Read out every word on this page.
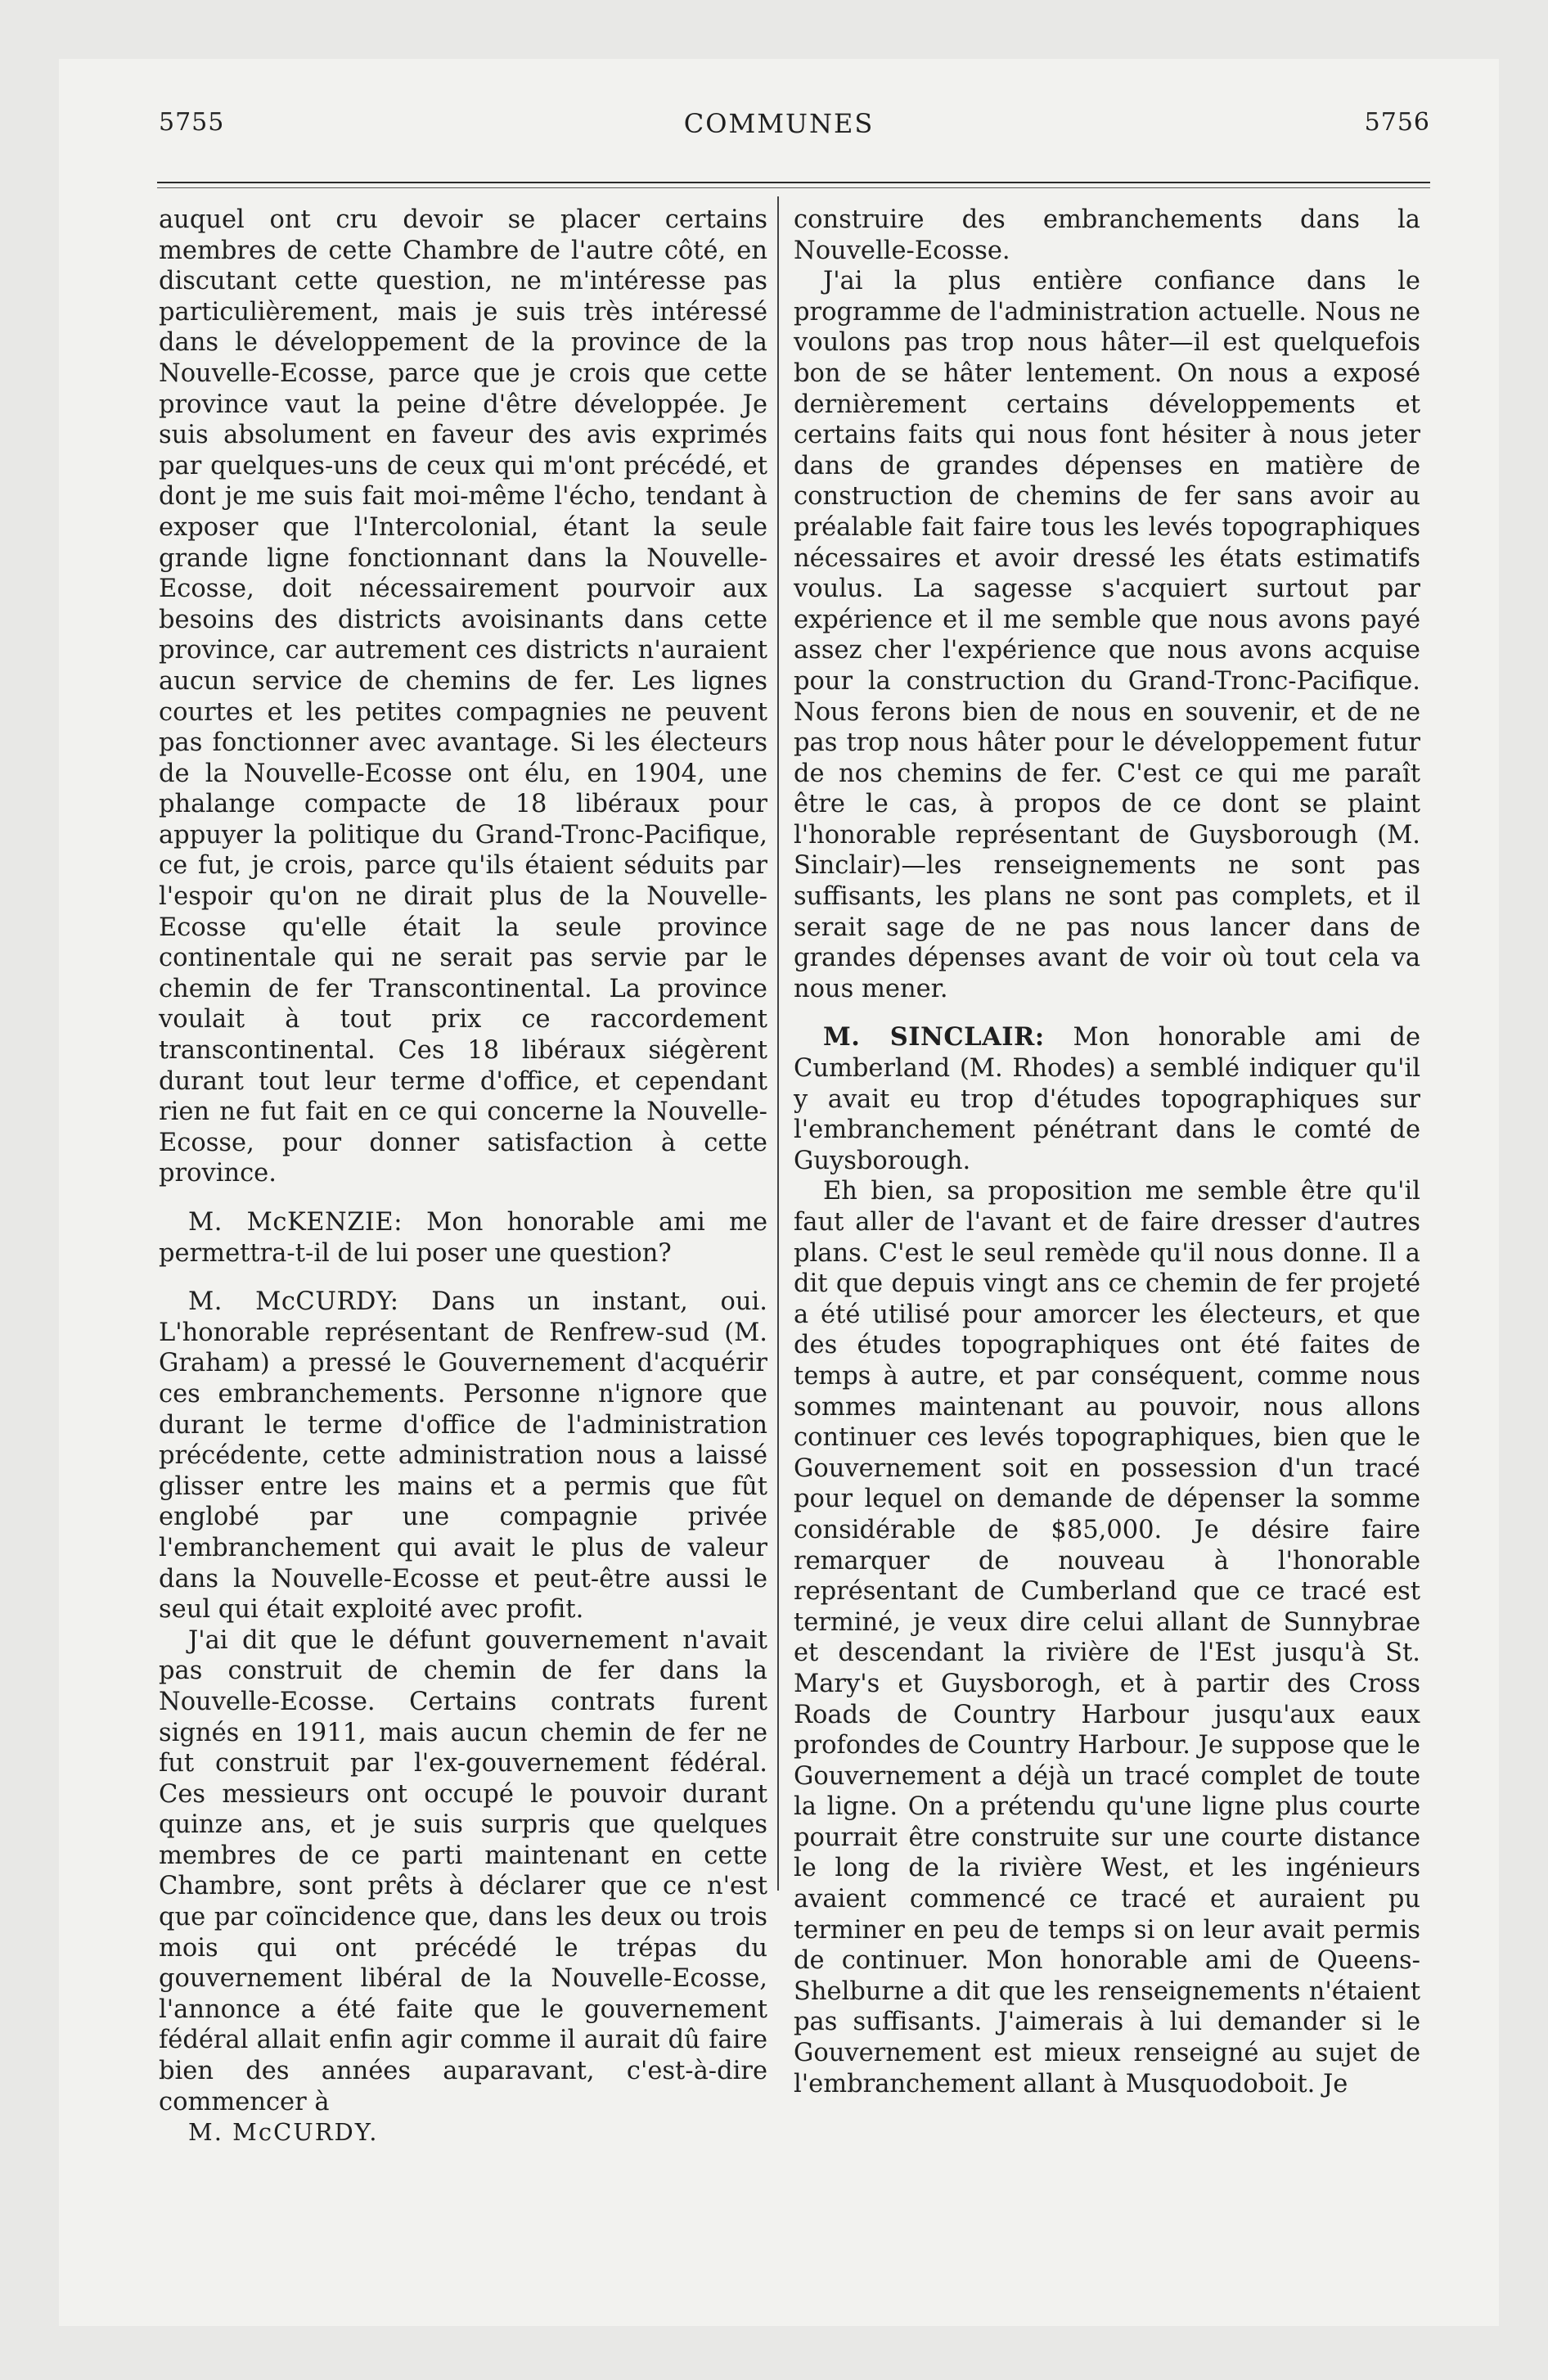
5755	COMMUNES	5756

auquel ont cru devoir se placer certains membres de cette Chambre de l'autre côté, en discutant cette question, ne m'intéresse pas particulièrement, mais je suis très intéressé dans le développement de la province de la Nouvelle-Ecosse, parce que je crois que cette province vaut la peine d'être développée. Je suis absolument en faveur des avis exprimés par quelques-uns de ceux qui m'ont précédé, et dont je me suis fait moi-même l'écho, tendant à exposer que l'Intercolonial, étant la seule grande ligne fonctionnant dans la Nouvelle-Ecosse, doit nécessairement pourvoir aux besoins des districts avoisinants dans cette province, car autrement ces districts n'auraient aucun service de chemins de fer. Les lignes courtes et les petites compagnies ne peuvent pas fonctionner avec avantage. Si les électeurs de la Nouvelle-Ecosse ont élu, en 1904, une phalange compacte de 18 libéraux pour appuyer la politique du Grand-Tronc-Pacifique, ce fut, je crois, parce qu'ils étaient séduits par l'espoir qu'on ne dirait plus de la Nouvelle-Ecosse qu'elle était la seule province continentale qui ne serait pas servie par le chemin de fer Transcontinental. La province voulait à tout prix ce raccordement transcontinental. Ces 18 libéraux siégèrent durant tout leur terme d'office, et cependant rien ne fut fait en ce qui concerne la Nouvelle-Ecosse, pour donner satisfaction à cette province.

M. McKENZIE: Mon honorable ami me permettra-t-il de lui poser une question?

M. McCURDY: Dans un instant, oui. L'honorable représentant de Renfrew-sud (M. Graham) a pressé le Gouvernement d'acquérir ces embranchements. Personne n'ignore que durant le terme d'office de l'administration précédente, cette administration nous a laissé glisser entre les mains et a permis que fût englobé par une compagnie privée l'embranchement qui avait le plus de valeur dans la Nouvelle-Ecosse et peut-être aussi le seul qui était exploité avec profit.

J'ai dit que le défunt gouvernement n'avait pas construit de chemin de fer dans la Nouvelle-Ecosse. Certains contrats furent signés en 1911, mais aucun chemin de fer ne fut construit par l'ex-gouvernement fédéral. Ces messieurs ont occupé le pouvoir durant quinze ans, et je suis surpris que quelques membres de ce parti maintenant en cette Chambre, sont prêts à déclarer que ce n'est que par coïncidence que, dans les deux ou trois mois qui ont précédé le trépas du gouvernement libéral de la Nouvelle-Ecosse, l'annonce a été faite que le gouvernement fédéral allait enfin agir comme il aurait dû faire bien des années auparavant, c'est-à-dire commencer à

M. McCURDY.

construire des embranchements dans la Nouvelle-Ecosse.

J'ai la plus entière confiance dans le programme de l'administration actuelle. Nous ne voulons pas trop nous hâter—il est quelquefois bon de se hâter lentement. On nous a exposé dernièrement certains développements et certains faits qui nous font hésiter à nous jeter dans de grandes dépenses en matière de construction de chemins de fer sans avoir au préalable fait faire tous les levés topographiques nécessaires et avoir dressé les états estimatifs voulus. La sagesse s'acquiert surtout par expérience et il me semble que nous avons payé assez cher l'expérience que nous avons acquise pour la construction du Grand-Tronc-Pacifique. Nous ferons bien de nous en souvenir, et de ne pas trop nous hâter pour le développement futur de nos chemins de fer. C'est ce qui me paraît être le cas, à propos de ce dont se plaint l'honorable représentant de Guysborough (M. Sinclair)—les renseignements ne sont pas suffisants, les plans ne sont pas complets, et il serait sage de ne pas nous lancer dans de grandes dépenses avant de voir où tout cela va nous mener.

M. SINCLAIR: Mon honorable ami de Cumberland (M. Rhodes) a semblé indiquer qu'il y avait eu trop d'études topographiques sur l'embranchement pénétrant dans le comté de Guysborough.

Eh bien, sa proposition me semble être qu'il faut aller de l'avant et de faire dresser d'autres plans. C'est le seul remède qu'il nous donne. Il a dit que depuis vingt ans ce chemin de fer projeté a été utilisé pour amorcer les électeurs, et que des études topographiques ont été faites de temps à autre, et par conséquent, comme nous sommes maintenant au pouvoir, nous allons continuer ces levés topographiques, bien que le Gouvernement soit en possession d'un tracé pour lequel on demande de dépenser la somme considérable de $85,000. Je désire faire remarquer de nouveau à l'honorable représentant de Cumberland que ce tracé est terminé, je veux dire celui allant de Sunnybrae et descendant la rivière de l'Est jusqu'à St. Mary's et Guysborogh, et à partir des Cross Roads de Country Harbour jusqu'aux eaux profondes de Country Harbour. Je suppose que le Gouvernement a déjà un tracé complet de toute la ligne. On a prétendu qu'une ligne plus courte pourrait être construite sur une courte distance le long de la rivière West, et les ingénieurs avaient commencé ce tracé et auraient pu terminer en peu de temps si on leur avait permis de continuer. Mon honorable ami de Queens-Shelburne a dit que les renseignements n'étaient pas suffisants. J'aimerais à lui demander si le Gouvernement est mieux renseigné au sujet de l'embranchement allant à Musquodoboit. Je
